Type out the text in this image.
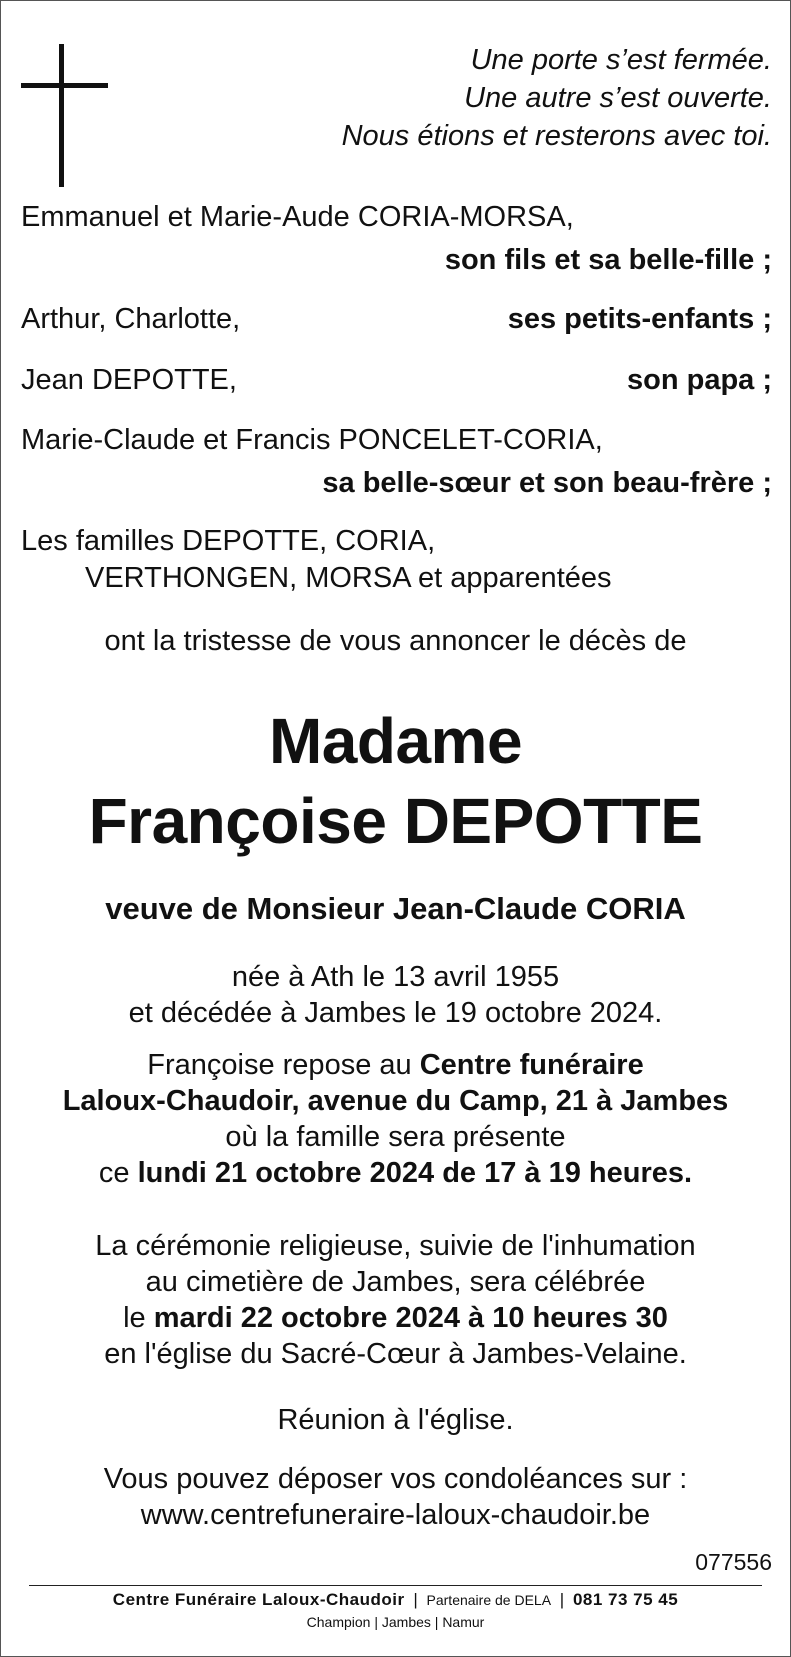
Une porte s’est fermée.
Une autre s’est ouverte.
Nous étions et resterons avec toi.
Emmanuel et Marie-Aude CORIA-MORSA,
son fils et sa belle-fille ;
Arthur, Charlotte,	ses petits-enfants ;
Jean DEPOTTE,	son papa ;
Marie-Claude et Francis PONCELET-CORIA,
sa belle-sœur et son beau-frère ;
Les familles DEPOTTE, CORIA,
VERTHONGEN, MORSA et apparentées
ont la tristesse de vous annoncer le décès de
Madame
Françoise DEPOTTE
veuve de Monsieur Jean-Claude CORIA
née à Ath le 13 avril 1955
et décédée à Jambes le 19 octobre 2024.
Françoise repose au Centre funéraire
Laloux-Chaudoir, avenue du Camp, 21 à Jambes
où la famille sera présente
ce lundi 21 octobre 2024 de 17 à 19 heures.
La cérémonie religieuse, suivie de l'inhumation
au cimetière de Jambes, sera célébrée
le mardi 22 octobre 2024 à 10 heures 30
en l'église du Sacré-Cœur à Jambes-Velaine.
Réunion à l'église.
Vous pouvez déposer vos condoléances sur :
www.centrefuneraire-laloux-chaudoir.be
077556
Centre Funéraire Laloux-Chaudoir | Partenaire de DELA | 081 73 75 45
Champion | Jambes | Namur
